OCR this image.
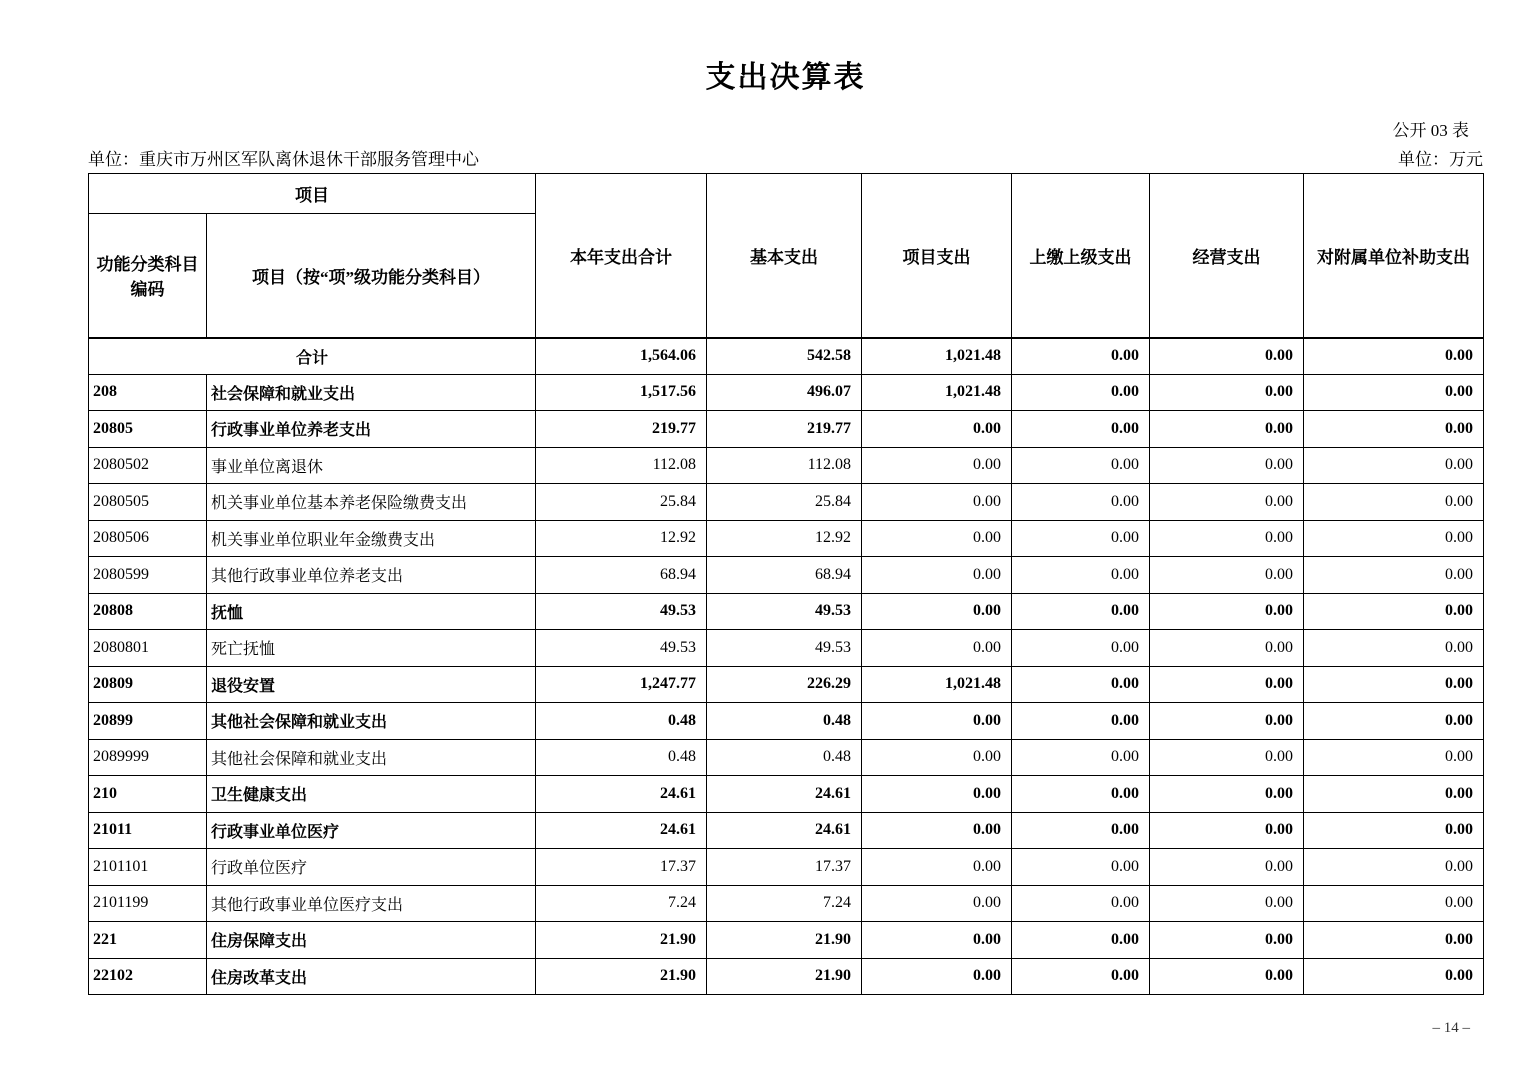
支出决算表
公开 03 表
单位：重庆市万州区军队离休退休干部服务管理中心	单位：万元
项目		本年支出合计	基本支出	项目支出	上缴上级支出	经营支出	对附属单位补助支出
功能分类科目
编码	项目（按“项”级功能分类科目）						
合计		1,564.06	542.58	1,021.48	0.00	0.00	0.00
208	社会保障和就业支出	1,517.56	496.07	1,021.48	0.00	0.00	0.00
20805	行政事业单位养老支出	219.77	219.77	0.00	0.00	0.00	0.00
2080502	事业单位离退休	112.08	112.08	0.00	0.00	0.00	0.00
2080505	机关事业单位基本养老保险缴费支出	25.84	25.84	0.00	0.00	0.00	0.00
2080506	机关事业单位职业年金缴费支出	12.92	12.92	0.00	0.00	0.00	0.00
2080599	其他行政事业单位养老支出	68.94	68.94	0.00	0.00	0.00	0.00
20808	抚恤	49.53	49.53	0.00	0.00	0.00	0.00
2080801	死亡抚恤	49.53	49.53	0.00	0.00	0.00	0.00
20809	退役安置	1,247.77	226.29	1,021.48	0.00	0.00	0.00
20899	其他社会保障和就业支出	0.48	0.48	0.00	0.00	0.00	0.00
2089999	其他社会保障和就业支出	0.48	0.48	0.00	0.00	0.00	0.00
210	卫生健康支出	24.61	24.61	0.00	0.00	0.00	0.00
21011	行政事业单位医疗	24.61	24.61	0.00	0.00	0.00	0.00
2101101	行政单位医疗	17.37	17.37	0.00	0.00	0.00	0.00
2101199	其他行政事业单位医疗支出	7.24	7.24	0.00	0.00	0.00	0.00
221	住房保障支出	21.90	21.90	0.00	0.00	0.00	0.00
22102	住房改革支出	21.90	21.90	0.00	0.00	0.00	0.00
– 14 –
